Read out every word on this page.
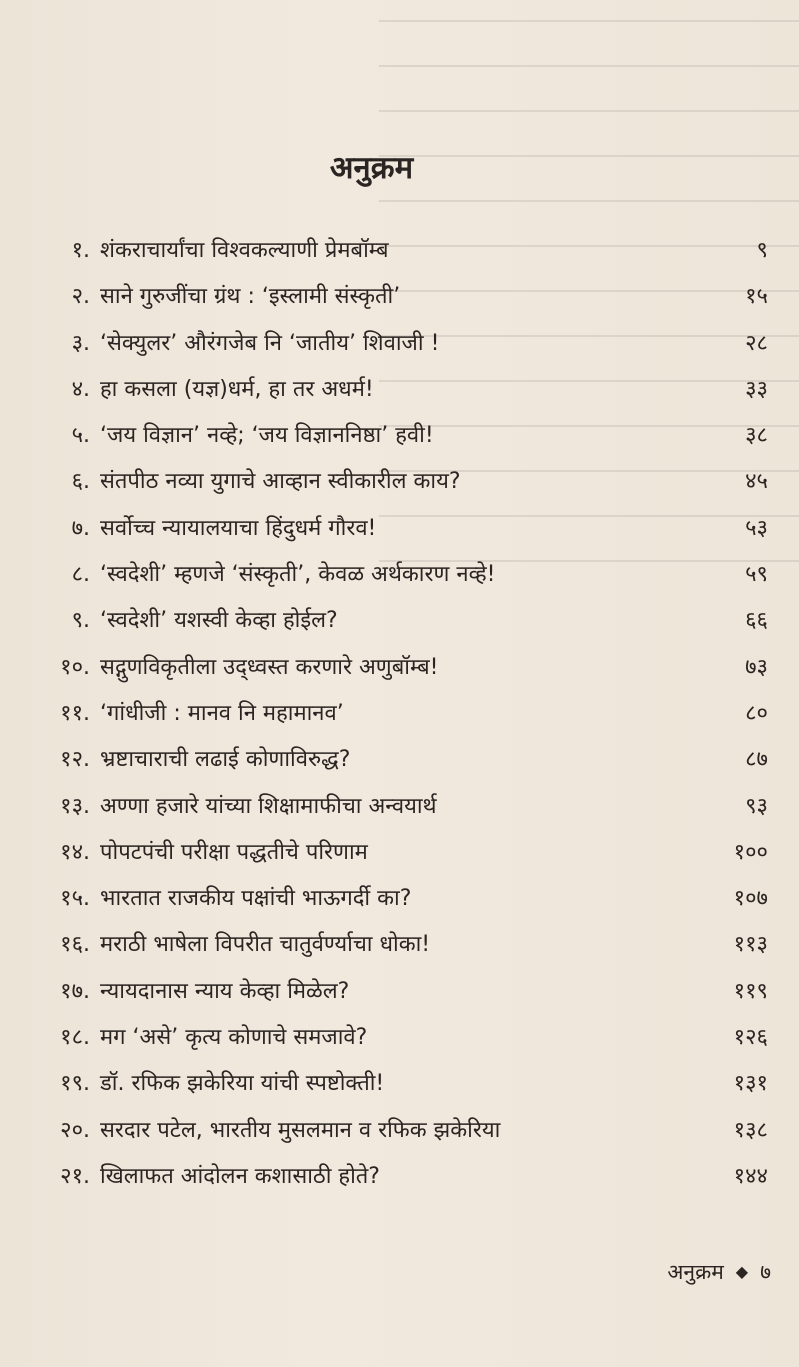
अनुक्रम
१. शंकराचार्यांचा विश्वकल्याणी प्रेमबॉम्ब	९
२. साने गुरुजींचा ग्रंथ : ‘इस्लामी संस्कृती’	१५
३. ‘सेक्युलर’ औरंगजेब नि ‘जातीय’ शिवाजी !	२८
४. हा कसला (यज्ञ)धर्म, हा तर अधर्म!	३३
५. ‘जय विज्ञान’ नव्हे; ‘जय विज्ञाननिष्ठा’ हवी!	३८
६. संतपीठ नव्या युगाचे आव्हान स्वीकारील काय?	४५
७. सर्वोच्च न्यायालयाचा हिंदुधर्म गौरव!	५३
८. ‘स्वदेशी’ म्हणजे ‘संस्कृती’, केवळ अर्थकारण नव्हे!	५९
९. ‘स्वदेशी’ यशस्वी केव्हा होईल?	६६
१०. सद्गुणविकृतीला उद्ध्वस्त करणारे अणुबॉम्ब!	७३
११. ‘गांधीजी : मानव नि महामानव’	८०
१२. भ्रष्टाचाराची लढाई कोणाविरुद्ध?	८७
१३. अण्णा हजारे यांच्या शिक्षामाफीचा अन्वयार्थ	९३
१४. पोपटपंची परीक्षा पद्धतीचे परिणाम	१००
१५. भारतात राजकीय पक्षांची भाऊगर्दी का?	१०७
१६. मराठी भाषेला विपरीत चातुर्वर्ण्याचा धोका!	११३
१७. न्यायदानास न्याय केव्हा मिळेल?	११९
१८. मग ‘असे’ कृत्य कोणाचे समजावे?	१२६
१९. डॉ. रफिक झकेरिया यांची स्पष्टोक्ती!	१३१
२०. सरदार पटेल, भारतीय मुसलमान व रफिक झकेरिया	१३८
२१. खिलाफत आंदोलन कशासाठी होते?	१४४
अनुक्रम ◆ ७
